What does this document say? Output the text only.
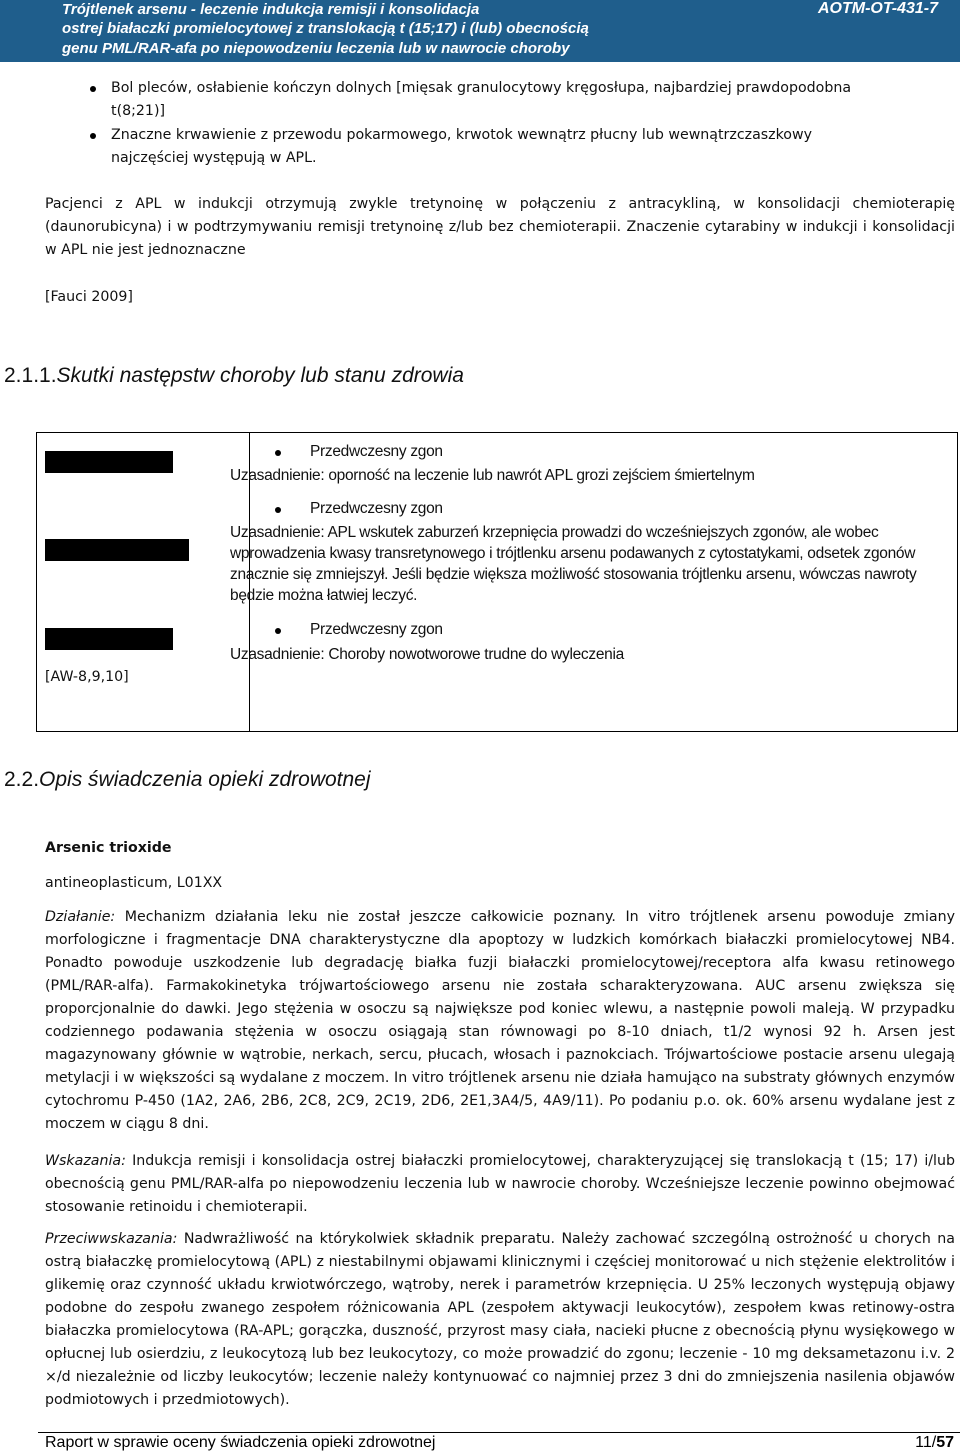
Trójtlenek arsenu - leczenie indukcja remisji i konsolidacja
ostrej białaczki promielocytowej z translokacją t (15;17) i (lub) obecnością
genu PML/RAR-afa po niepowodzeniu leczenia lub w nawrocie choroby
AOTM-OT-431-7
Bol pleców, osłabienie kończyn dolnych [mięsak granulocytowy kręgosłupa, najbardziej prawdopodobna t(8;21)]
Znaczne krwawienie z przewodu pokarmowego, krwotok wewnątrz płucny lub wewnątrzczaszkowy najczęściej występują w APL.
Pacjenci z APL w indukcji otrzymują zwykle tretynoinę w połączeniu z antracykliną, w konsolidacji chemioterapię (daunorubicyna) i w podtrzymywaniu remisji tretynoinę z/lub bez chemioterapii. Znaczenie cytarabiny w indukcji i konsolidacji w APL nie jest jednoznaczne
[Fauci 2009]
2.1.1.Skutki następstw choroby lub stanu zdrowia
[AW-8,9,10]
Przedwczesny zgon
Uzasadnienie: oporność na leczenie lub nawrót APL grozi zejściem śmiertelnym
Przedwczesny zgon
Uzasadnienie: APL wskutek zaburzeń krzepnięcia prowadzi do wcześniejszych zgonów, ale wobec wprowadzenia kwasy transretynowego i trójtlenku arsenu podawanych z cytostatykami, odsetek zgonów znacznie się zmniejszył. Jeśli będzie większa możliwość stosowania trójtlenku arsenu, wówczas nawroty będzie można łatwiej leczyć.
Przedwczesny zgon
Uzasadnienie: Choroby nowotworowe trudne do wyleczenia
2.2.Opis świadczenia opieki zdrowotnej
Arsenic trioxide
antineoplasticum, L01XX
Działanie: Mechanizm działania leku nie został jeszcze całkowicie poznany. In vitro trójtlenek arsenu powoduje zmiany morfologiczne i fragmentacje DNA charakterystyczne dla apoptozy w ludzkich komórkach białaczki promielocytowej NB4. Ponadto powoduje uszkodzenie lub degradację białka fuzji białaczki promielocytowej/receptora alfa kwasu retinowego (PML/RAR-alfa). Farmakokinetyka trójwartościowego arsenu nie została scharakteryzowana. AUC arsenu zwiększa się proporcjonalnie do dawki. Jego stężenia w osoczu są największe pod koniec wlewu, a następnie powoli maleją. W przypadku codziennego podawania stężenia w osoczu osiągają stan równowagi po 8-10 dniach, t1/2 wynosi 92 h. Arsen jest magazynowany głównie w wątrobie, nerkach, sercu, płucach, włosach i paznokciach. Trójwartościowe postacie arsenu ulegają metylacji i w większości są wydalane z moczem. In vitro trójtlenek arsenu nie działa hamująco na substraty głównych enzymów cytochromu P-450 (1A2, 2A6, 2B6, 2C8, 2C9, 2C19, 2D6, 2E1,3A4/5, 4A9/11). Po podaniu p.o. ok. 60% arsenu wydalane jest z moczem w ciągu 8 dni.
Wskazania: Indukcja remisji i konsolidacja ostrej białaczki promielocytowej, charakteryzującej się translokacją t (15; 17) i/lub obecnością genu PML/RAR-alfa po niepowodzeniu leczenia lub w nawrocie choroby. Wcześniejsze leczenie powinno obejmować stosowanie retinoidu i chemioterapii.
Przeciwwskazania: Nadwrażliwość na którykolwiek składnik preparatu. Należy zachować szczególną ostrożność u chorych na ostrą białaczkę promielocytową (APL) z niestabilnymi objawami klinicznymi i częściej monitorować u nich stężenie elektrolitów i glikemię oraz czynność układu krwiotwórczego, wątroby, nerek i parametrów krzepnięcia. U 25% leczonych występują objawy podobne do zespołu zwanego zespołem różnicowania APL (zespołem aktywacji leukocytów), zespołem kwas retinowy-ostra białaczka promielocytowa (RA-APL; gorączka, duszność, przyrost masy ciała, nacieki płucne z obecnością płynu wysiękowego w opłucnej lub osierdziu, z leukocytozą lub bez leukocytozy, co może prowadzić do zgonu; leczenie - 10 mg deksametazonu i.v. 2 ×/d niezależnie od liczby leukocytów; leczenie należy kontynuować co najmniej przez 3 dni do zmniejszenia nasilenia objawów podmiotowych i przedmiotowych).
Raport w sprawie oceny świadczenia opieki zdrowotnej	11/57
